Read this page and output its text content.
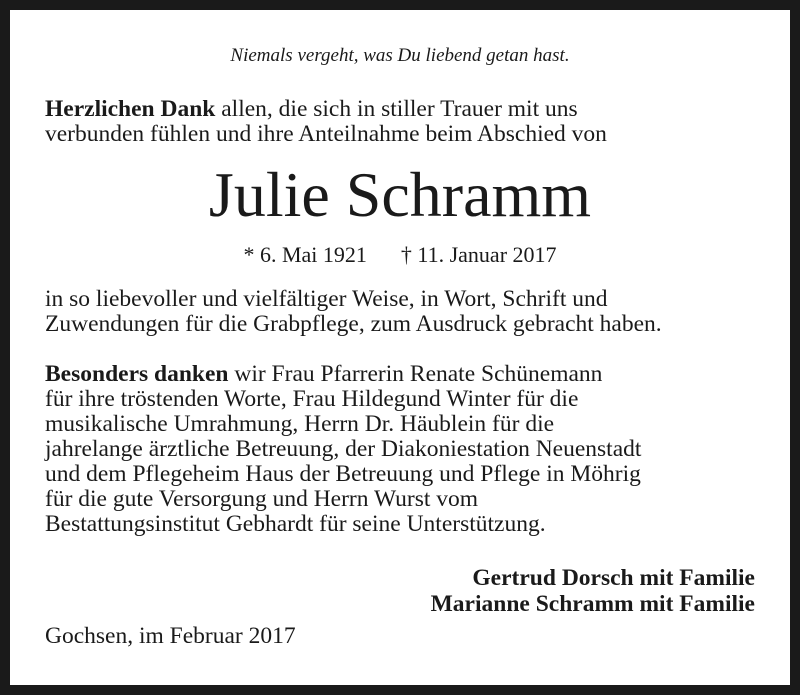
Niemals vergeht, was Du liebend getan hast.
Herzlichen Dank allen, die sich in stiller Trauer mit uns
verbunden fühlen und ihre Anteilnahme beim Abschied von
Julie Schramm
* 6. Mai 1921 † 11. Januar 2017
in so liebevoller und vielfältiger Weise, in Wort, Schrift und
Zuwendungen für die Grabpflege, zum Ausdruck gebracht haben.
Besonders danken wir Frau Pfarrerin Renate Schünemann
für ihre tröstenden Worte, Frau Hildegund Winter für die
musikalische Umrahmung, Herrn Dr. Häublein für die
jahrelange ärztliche Betreuung, der Diakoniestation Neuenstadt
und dem Pflegeheim Haus der Betreuung und Pflege in Möhrig
für die gute Versorgung und Herrn Wurst vom
Bestattungsinstitut Gebhardt für seine Unterstützung.
Gertrud Dorsch mit Familie
Marianne Schramm mit Familie
Gochsen, im Februar 2017
